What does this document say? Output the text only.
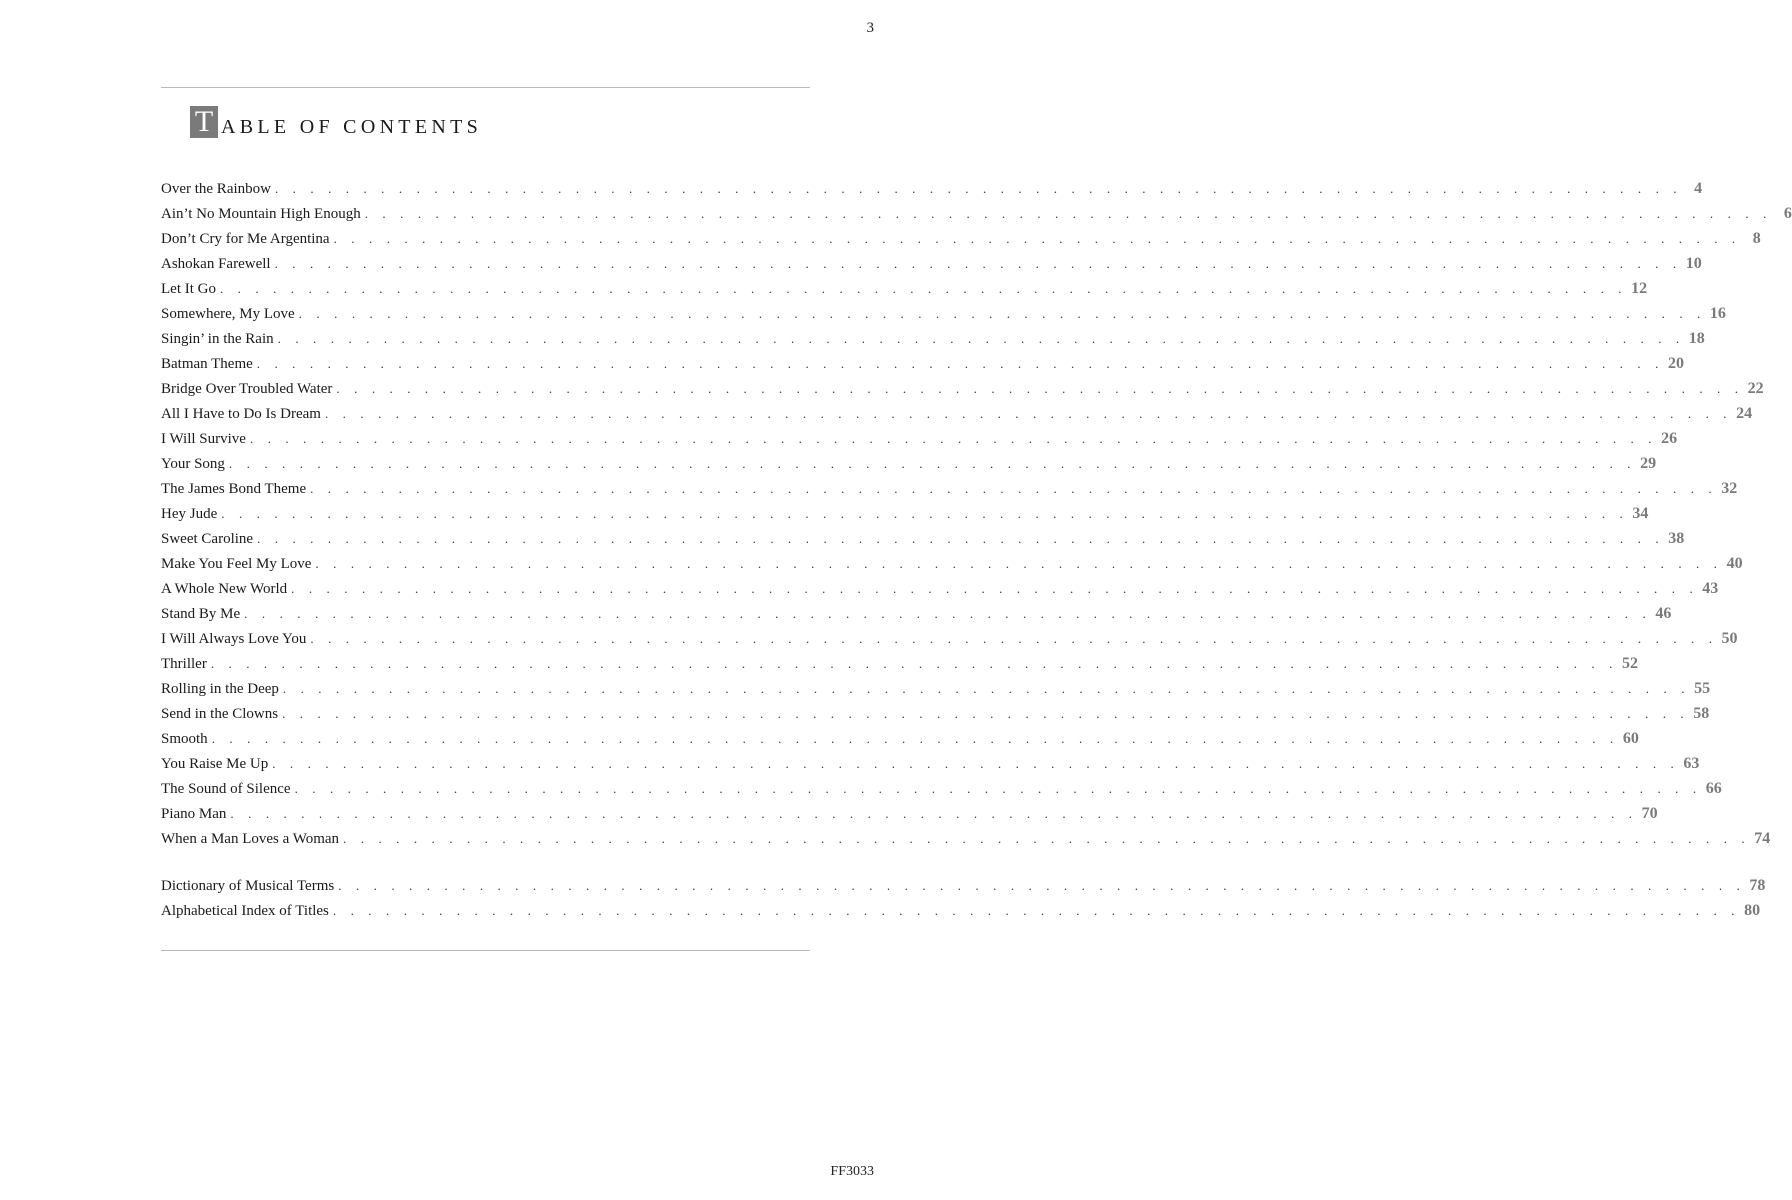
3
T ABLE OF CONTENTS
Over the Rainbow . . . . . . . . . . . . . . . . . . . . . . . . . . . . . . . . . . . . . . . . . . . . . . . . . . . . . . . . . . . . . . . . . . . . . . . . . . . . . . . . 4
Ain’t No Mountain High Enough . . . . . . . . . . . . . . . . . . . . . . . . . . . . . . . . . . . . . . . . . . . . . . . . . . . . . . . . . . . . . . . . . . . . . . . . . . . . . . . . 6
Don’t Cry for Me Argentina . . . . . . . . . . . . . . . . . . . . . . . . . . . . . . . . . . . . . . . . . . . . . . . . . . . . . . . . . . . . . . . . . . . . . . . . . . . . . . . . 8
Ashokan Farewell . . . . . . . . . . . . . . . . . . . . . . . . . . . . . . . . . . . . . . . . . . . . . . . . . . . . . . . . . . . . . . . . . . . . . . . . . . . . . . . . 10
Let It Go . . . . . . . . . . . . . . . . . . . . . . . . . . . . . . . . . . . . . . . . . . . . . . . . . . . . . . . . . . . . . . . . . . . . . . . . . . . . . . . . 12
Somewhere, My Love . . . . . . . . . . . . . . . . . . . . . . . . . . . . . . . . . . . . . . . . . . . . . . . . . . . . . . . . . . . . . . . . . . . . . . . . . . . . . . . . 16
Singin’ in the Rain . . . . . . . . . . . . . . . . . . . . . . . . . . . . . . . . . . . . . . . . . . . . . . . . . . . . . . . . . . . . . . . . . . . . . . . . . . . . . . . . 18
Batman Theme . . . . . . . . . . . . . . . . . . . . . . . . . . . . . . . . . . . . . . . . . . . . . . . . . . . . . . . . . . . . . . . . . . . . . . . . . . . . . . . . 20
Bridge Over Troubled Water . . . . . . . . . . . . . . . . . . . . . . . . . . . . . . . . . . . . . . . . . . . . . . . . . . . . . . . . . . . . . . . . . . . . . . . . . . . . . . . . 22
All I Have to Do Is Dream . . . . . . . . . . . . . . . . . . . . . . . . . . . . . . . . . . . . . . . . . . . . . . . . . . . . . . . . . . . . . . . . . . . . . . . . . . . . . . . . 24
I Will Survive . . . . . . . . . . . . . . . . . . . . . . . . . . . . . . . . . . . . . . . . . . . . . . . . . . . . . . . . . . . . . . . . . . . . . . . . . . . . . . . . 26
Your Song . . . . . . . . . . . . . . . . . . . . . . . . . . . . . . . . . . . . . . . . . . . . . . . . . . . . . . . . . . . . . . . . . . . . . . . . . . . . . . . . 29
The James Bond Theme . . . . . . . . . . . . . . . . . . . . . . . . . . . . . . . . . . . . . . . . . . . . . . . . . . . . . . . . . . . . . . . . . . . . . . . . . . . . . . . . 32
Hey Jude . . . . . . . . . . . . . . . . . . . . . . . . . . . . . . . . . . . . . . . . . . . . . . . . . . . . . . . . . . . . . . . . . . . . . . . . . . . . . . . . 34
Sweet Caroline . . . . . . . . . . . . . . . . . . . . . . . . . . . . . . . . . . . . . . . . . . . . . . . . . . . . . . . . . . . . . . . . . . . . . . . . . . . . . . . . 38
Make You Feel My Love . . . . . . . . . . . . . . . . . . . . . . . . . . . . . . . . . . . . . . . . . . . . . . . . . . . . . . . . . . . . . . . . . . . . . . . . . . . . . . . . 40
A Whole New World . . . . . . . . . . . . . . . . . . . . . . . . . . . . . . . . . . . . . . . . . . . . . . . . . . . . . . . . . . . . . . . . . . . . . . . . . . . . . . . . 43
Stand By Me . . . . . . . . . . . . . . . . . . . . . . . . . . . . . . . . . . . . . . . . . . . . . . . . . . . . . . . . . . . . . . . . . . . . . . . . . . . . . . . . 46
I Will Always Love You . . . . . . . . . . . . . . . . . . . . . . . . . . . . . . . . . . . . . . . . . . . . . . . . . . . . . . . . . . . . . . . . . . . . . . . . . . . . . . . . 50
Thriller . . . . . . . . . . . . . . . . . . . . . . . . . . . . . . . . . . . . . . . . . . . . . . . . . . . . . . . . . . . . . . . . . . . . . . . . . . . . . . . . 52
Rolling in the Deep . . . . . . . . . . . . . . . . . . . . . . . . . . . . . . . . . . . . . . . . . . . . . . . . . . . . . . . . . . . . . . . . . . . . . . . . . . . . . . . . 55
Send in the Clowns . . . . . . . . . . . . . . . . . . . . . . . . . . . . . . . . . . . . . . . . . . . . . . . . . . . . . . . . . . . . . . . . . . . . . . . . . . . . . . . . 58
Smooth . . . . . . . . . . . . . . . . . . . . . . . . . . . . . . . . . . . . . . . . . . . . . . . . . . . . . . . . . . . . . . . . . . . . . . . . . . . . . . . . 60
You Raise Me Up . . . . . . . . . . . . . . . . . . . . . . . . . . . . . . . . . . . . . . . . . . . . . . . . . . . . . . . . . . . . . . . . . . . . . . . . . . . . . . . . 63
The Sound of Silence . . . . . . . . . . . . . . . . . . . . . . . . . . . . . . . . . . . . . . . . . . . . . . . . . . . . . . . . . . . . . . . . . . . . . . . . . . . . . . . . 66
Piano Man . . . . . . . . . . . . . . . . . . . . . . . . . . . . . . . . . . . . . . . . . . . . . . . . . . . . . . . . . . . . . . . . . . . . . . . . . . . . . . . . 70
When a Man Loves a Woman . . . . . . . . . . . . . . . . . . . . . . . . . . . . . . . . . . . . . . . . . . . . . . . . . . . . . . . . . . . . . . . . . . . . . . . . . . . . . . . . 74
Dictionary of Musical Terms . . . . . . . . . . . . . . . . . . . . . . . . . . . . . . . . . . . . . . . . . . . . . . . . . . . . . . . . . . . . . . . . . . . . . . . . . . . . . . . . 78
Alphabetical Index of Titles . . . . . . . . . . . . . . . . . . . . . . . . . . . . . . . . . . . . . . . . . . . . . . . . . . . . . . . . . . . . . . . . . . . . . . . . . . . . . . . . 80
FF3033
